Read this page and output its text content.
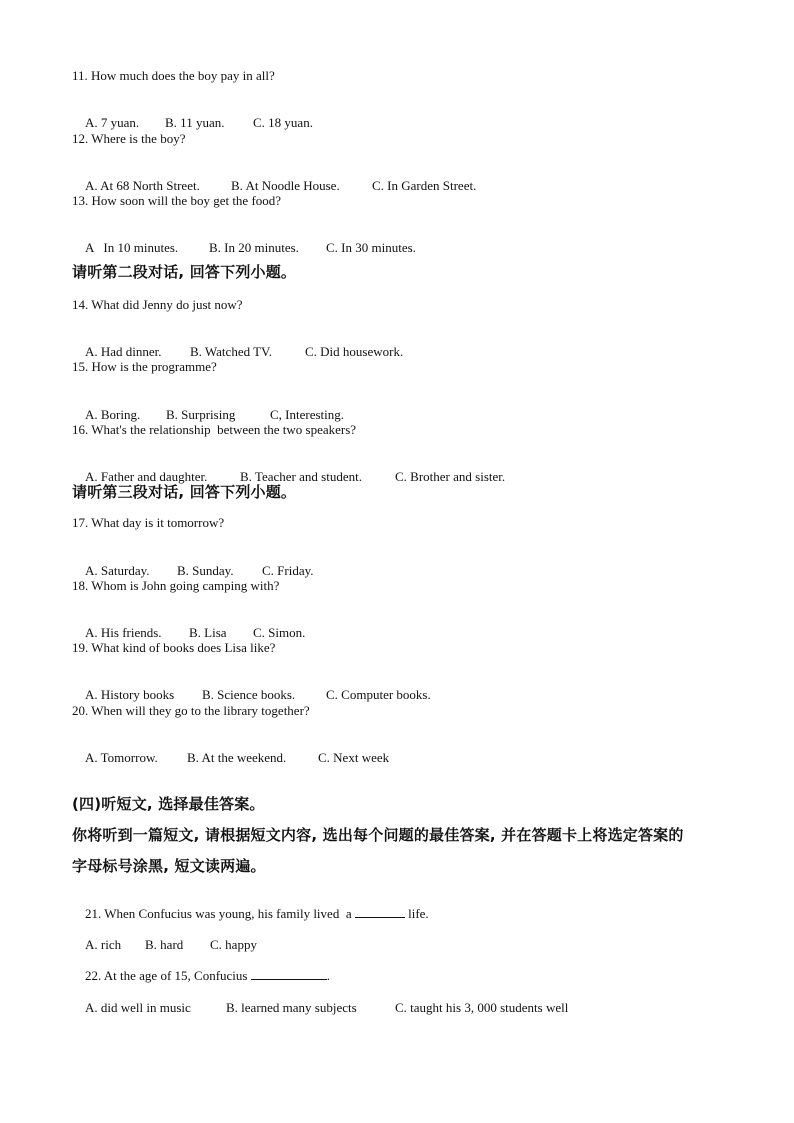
11. How much does the boy pay in all?

A. 7 yuan. B. 11 yuan. C. 18 yuan.

12. Where is the boy?

A. At 68 North Street. B. At Noodle House. C. In Garden Street.

13. How soon will the boy get the food?

A   In 10 minutes. B. In 20 minutes. C. In 30 minutes.

请听第二段对话, 回答下列小题。
14. What did Jenny do just now?

A. Had dinner. B. Watched TV.	C. Did housework.

15. How is the programme?

A. Boring. B. Surprising	C, Interesting.

16. What's the relationship  between the two speakers?

A. Father and daughter.	B. Teacher and student.	C. Brother and sister.

请听第三段对话, 回答下列小题。
17. What day is it tomorrow?

A. Saturday. B. Sunday. C. Friday.

18. Whom is John going camping with?

A. His friends. B. Lisa C. Simon.

19. What kind of books does Lisa like?

A. History books B. Science books. C. Computer books.

20. When will they go to the library together?

A. Tomorrow. B. At the weekend. C. Next week

(四)听短文, 选择最佳答案。
你将听到一篇短文, 请根据短文内容, 选出每个问题的最佳答案, 并在答题卡上将选定答案的
字母标号涂黑, 短文读两遍。

21. When Confucius was young, his family lived  a	life.

A. rich B. hard C. happy

22. At the age of 15, Confucius	.

A. did well in music	B. learned many subjects	C. taught his 3, 000 students well
